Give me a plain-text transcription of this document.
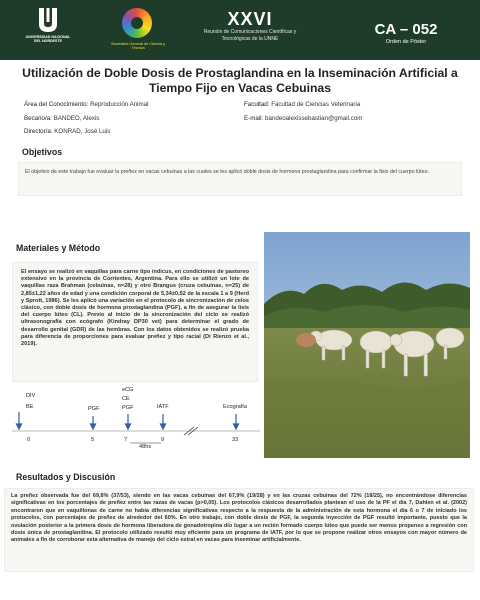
UNIVERSIDAD NACIONAL DEL NORDESTE
Secretaría General de Ciencia y Técnica
XXVI
Reunión de Comunicaciones Científicas y Tecnológicas de la UNNE
CA – 052
Orden de Póster
Utilización de Doble Dosis de Prostaglandina en la Inseminación Artificial a Tiempo Fijo en Vacas Cebuinas

Área del Conocimiento: Reproducción Animal

Becario/a: BANDEO, Alexis

Director/a: KONRAD, José Luis

Facultad: Facultad de Ciencias Veterinaria

E-mail: bandeoalexissebastian@gmail.com

Objetivos
El objetivo de este trabajo fue evaluar la preñez en vacas cebuinas a las cuales se les aplicó doble dosis de hormona prostaglandina para confirmar la fisis del cuerpo lúteo.
Materiales y Método
El ensayo se realizó en vaquillas para carne tipo índicus, en condiciones de pastoreo extensivo en la provincia de Corrientes, Argentina. Para ello se utilizó un lote de vaquillas raza Brahman (cebuinas, n=28) y otro Brangus (cruza cebuinas, n=25) de 2,85±1,22 años de edad y una condición corporal de 5,34±0,52 de la escala 1 a 9 (Herd y Sprott, 1986). Se les aplicó una variación en el protocolo de sincronización de celos clásico, con doble dosis de hormona prostaglandina (PGF), a fin de asegurar la lisis del cuerpo lúteo (CL). Previo al inicio de la sincronización del ciclo se realizó ultrasonografía con ecógrafo (Kindray DP30 vet) para determinar el grado de desarrollo genital (GDR) de las hembras. Con los datos obtenidos se realizó prueba para diferencia de proporciones para evaluar preñez y tipo racial (Di Rienzo et al., 2019).
DIV
BE	PGF
eCG
CE
PGF	IATF	Ecografía
0	5	7	9	33
48hs
Resultados y Discusión
La preñez observada fue del 69,8% (37/53), siendo en las vacas cebuinas del 67,9% (19/28) y en las cruzas cebuinas del 72% (18/25), no encontrándose diferencias significativas en los porcentajes de preñez entre las razas de vacas (p>0,05). Los protocolos clásicos desarrollados plantean el uso de la PF el día 7, Dahlen et al. (2002) encontraron que en vaquillonas de carne no había diferencias significativas respecto a la respuesta de la administración de esta hormona el día 6 o 7 de iniciado los protocolos, con porcentajes de preñez de alrededor del 60%. En otro trabajo, con doble dosis de PGF, la segunda inyección de PGF resultó importante, puesto que la ovulación posterior a la primera dosis de hormona liberadora de gonadotropina dio lugar a un recién formado cuerpo lúteo que puede ser menos propenso a regresión con dosis única de prostaglandina. El protocolo utilizado resultó muy eficiente para un programa de IATF, por lo que se propone realizar otros ensayos con mayor número de animales a fin de corroborar esta alternativa de manejo del ciclo estral en vacas para inseminar artificialmente.
